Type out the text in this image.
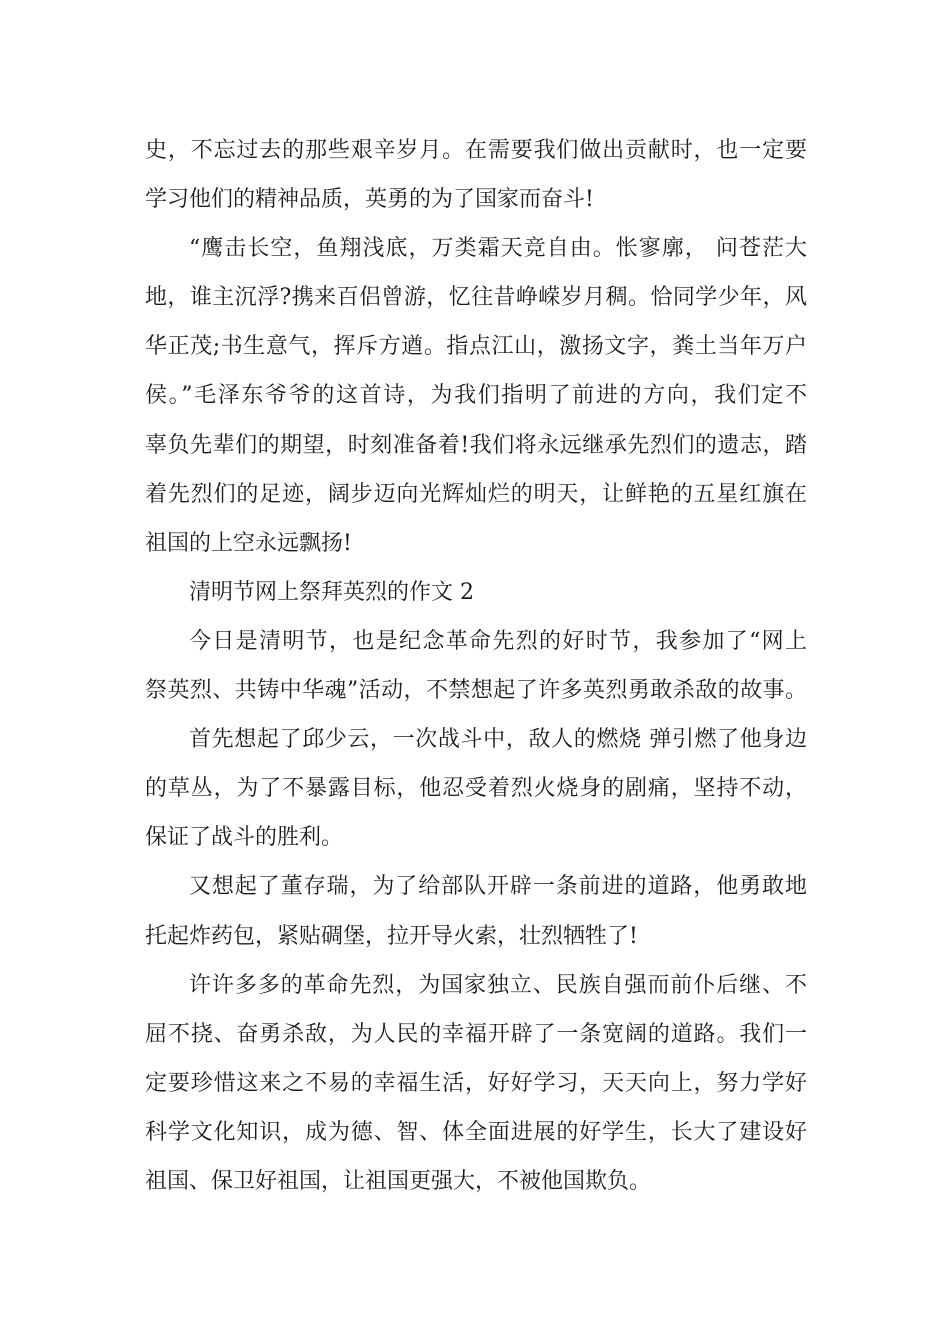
史，不忘过去的那些艰辛岁月。在需要我们做出贡献时，也一定要

学习他们的精神品质，英勇的为了国家而奋斗!

“鹰击长空，鱼翔浅底，万类霜天竞自由。怅寥廓， 问苍茫大

地，谁主沉浮?携来百侣曾游，忆往昔峥嵘岁月稠。恰同学少年，风

华正茂;书生意气，挥斥方遒。指点江山，激扬文字，粪土当年万户

侯。”毛泽东爷爷的这首诗，为我们指明了前进的方向，我们定不

辜负先辈们的期望，时刻准备着!我们将永远继承先烈们的遗志，踏

着先烈们的足迹，阔步迈向光辉灿烂的明天，让鲜艳的五星红旗在

祖国的上空永远飘扬!

清明节网上祭拜英烈的作文 2

今日是清明节，也是纪念革命先烈的好时节，我参加了“网上

祭英烈、共铸中华魂”活动，不禁想起了许多英烈勇敢杀敌的故事。

首先想起了邱少云，一次战斗中，敌人的燃烧 弹引燃了他身边

的草丛，为了不暴露目标，他忍受着烈火烧身的剧痛，坚持不动，

保证了战斗的胜利。

又想起了董存瑞，为了给部队开辟一条前进的道路，他勇敢地

托起炸药包，紧贴碉堡，拉开导火索，壮烈牺牲了!

许许多多的革命先烈，为国家独立、民族自强而前仆后继、不

屈不挠、奋勇杀敌，为人民的幸福开辟了一条宽阔的道路。我们一

定要珍惜这来之不易的幸福生活，好好学习，天天向上，努力学好

科学文化知识，成为德、智、体全面进展的好学生，长大了建设好

祖国、保卫好祖国，让祖国更强大，不被他国欺负。
